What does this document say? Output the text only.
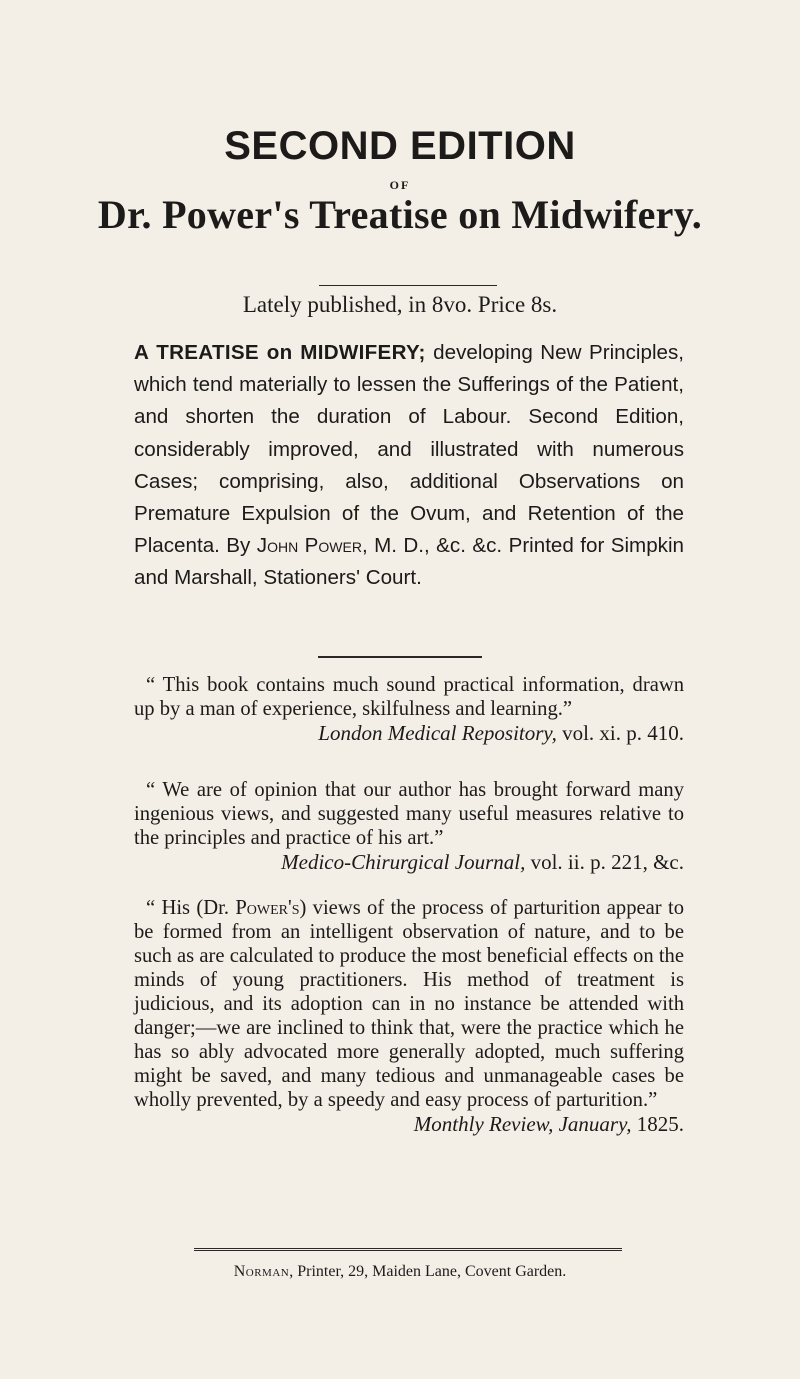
SECOND EDITION
OF
Dr. Power's Treatise on Midwifery.
Lately published, in 8vo. Price 8s.
A TREATISE on MIDWIFERY; developing New Principles, which tend materially to lessen the Sufferings of the Patient, and shorten the duration of Labour. Second Edition, considerably improved, and illustrated with numerous Cases; comprising, also, additional Observations on Premature Expulsion of the Ovum, and Retention of the Placenta. By John Power, M. D., &c. &c. Printed for Simpkin and Marshall, Stationers' Court.

“ This book contains much sound practical information, drawn up by a man of experience, skilfulness and learning.”

London Medical Repository, vol. xi. p. 410.

“ We are of opinion that our author has brought forward many ingenious views, and suggested many useful measures relative to the principles and practice of his art.”

Medico-Chirurgical Journal, vol. ii. p. 221, &c.

“ His (Dr. Power's) views of the process of parturition appear to be formed from an intelligent observation of nature, and to be such as are calculated to produce the most beneficial effects on the minds of young practitioners. His method of treatment is judicious, and its adoption can in no instance be attended with danger;—we are inclined to think that, were the practice which he has so ably advocated more generally adopted, much suffering might be saved, and many tedious and unmanageable cases be wholly prevented, by a speedy and easy process of parturition.”

Monthly Review, January, 1825.
Norman, Printer, 29, Maiden Lane, Covent Garden.
